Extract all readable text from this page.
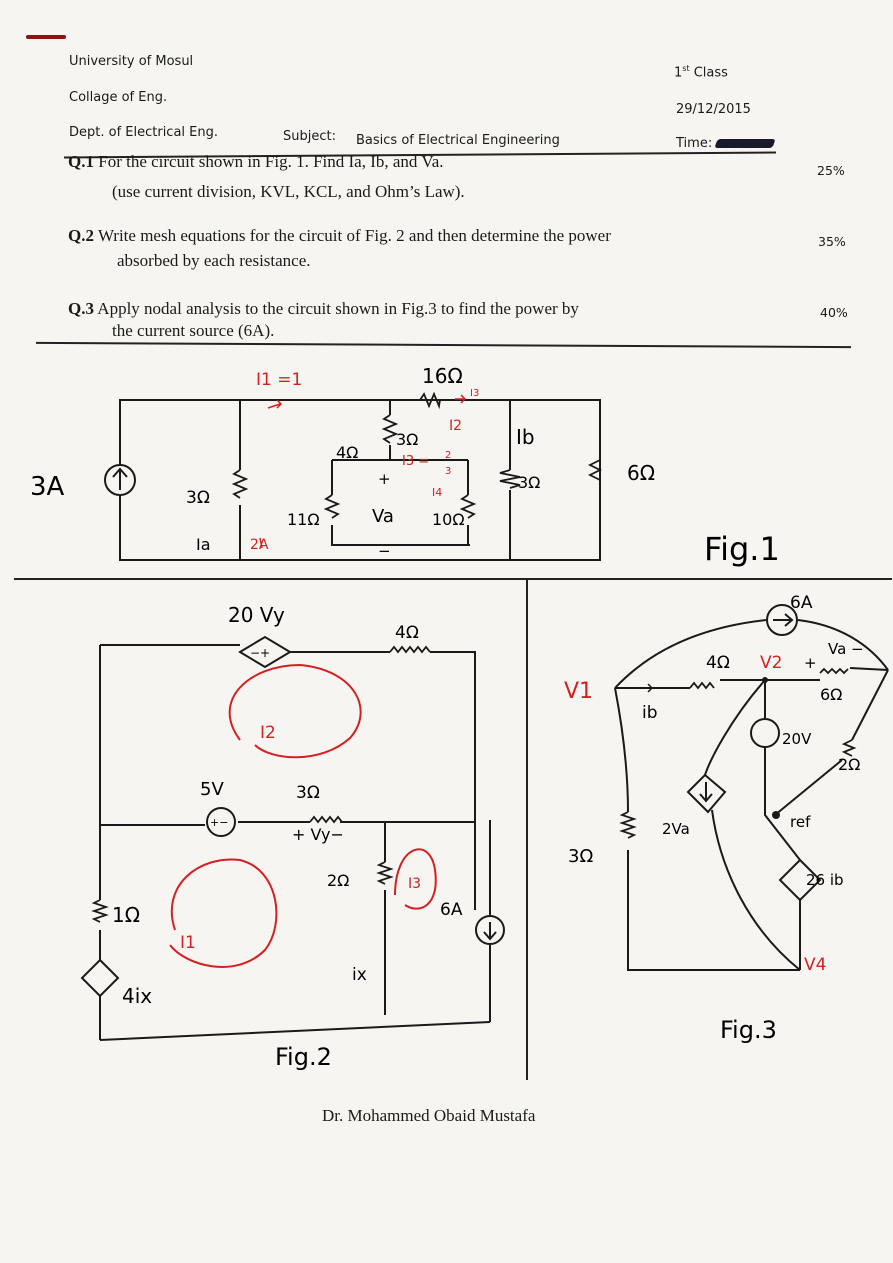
University of Mosul
Collage of Eng.
Dept. of Electrical Eng.	Subject: Basics of Electrical Engineering
1st Class
29/12/2015
Time:
Q.1 For the circuit shown in Fig. 1. Find Ia, Ib, and Va.
(use current division, KVL, KCL, and Ohm’s Law).
25%
Q.2 Write mesh equations for the circuit of Fig. 2 and then determine the power
absorbed by each resistance.
35%
Q.3 Apply nodal analysis to the circuit shown in Fig.3 to find the power by
the current source (6A).
40%
3A	3Ω
Ia	2A
11Ω
4Ω
3Ω
+
Va
−
10Ω
16Ω
Ib
3Ω	6Ω
I1 =1
I2
I3 = 2
3
I4
I3
Fig.1
20 Vy
−+
4Ω
I2
5V
+−
3Ω
+ Vy−
2Ω	I3
6A
1Ω
I1
ix
4ix
Fig.2
6A
4Ω V2 +
Va −
6Ω
V1
ib
20V
2Ω
2Va	ref
3Ω
26 ib
V4
Fig.3
Dr. Mohammed Obaid Mustafa
